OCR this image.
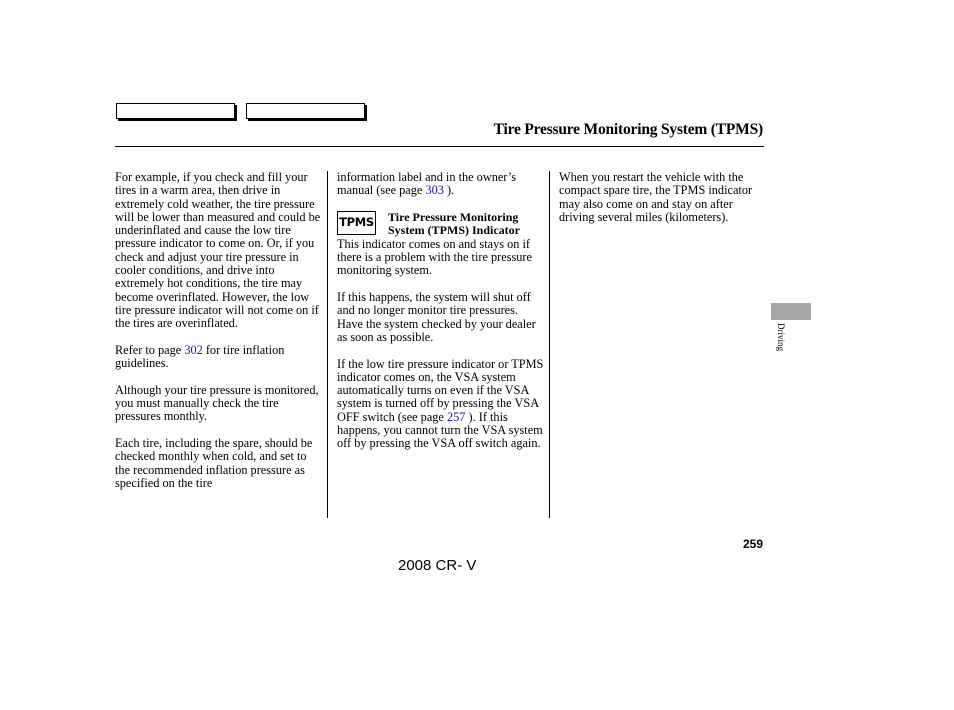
Tire Pressure Monitoring System (TPMS)

For example, if you check and fill your tires in a warm area, then drive in extremely cold weather, the tire pressure will be lower than measured and could be underinflated and cause the low tire pressure indicator to come on. Or, if you check and adjust your tire pressure in cooler conditions, and drive into extremely hot conditions, the tire may become overinflated. However, the low tire pressure indicator will not come on if the tires are overinflated.

Refer to page 302 for tire inflation guidelines.

Although your tire pressure is monitored, you must manually check the tire pressures monthly.

Each tire, including the spare, should be checked monthly when cold, and set to the recommended inflation pressure as specified on the tire

information label and in the owner’s manual (see page 303 ).

TPMS Tire Pressure Monitoring System (TPMS) Indicator

This indicator comes on and stays on if there is a problem with the tire pressure monitoring system.

If this happens, the system will shut off and no longer monitor tire pressures. Have the system checked by your dealer as soon as possible.

If the low tire pressure indicator or TPMS indicator comes on, the VSA system automatically turns on even if the VSA system is turned off by pressing the VSA OFF switch (see page 257 ). If this happens, you cannot turn the VSA system off by pressing the VSA off switch again.

When you restart the vehicle with the compact spare tire, the TPMS indicator may also come on and stay on after driving several miles (kilometers).

Driving
259
2008 CR- V
